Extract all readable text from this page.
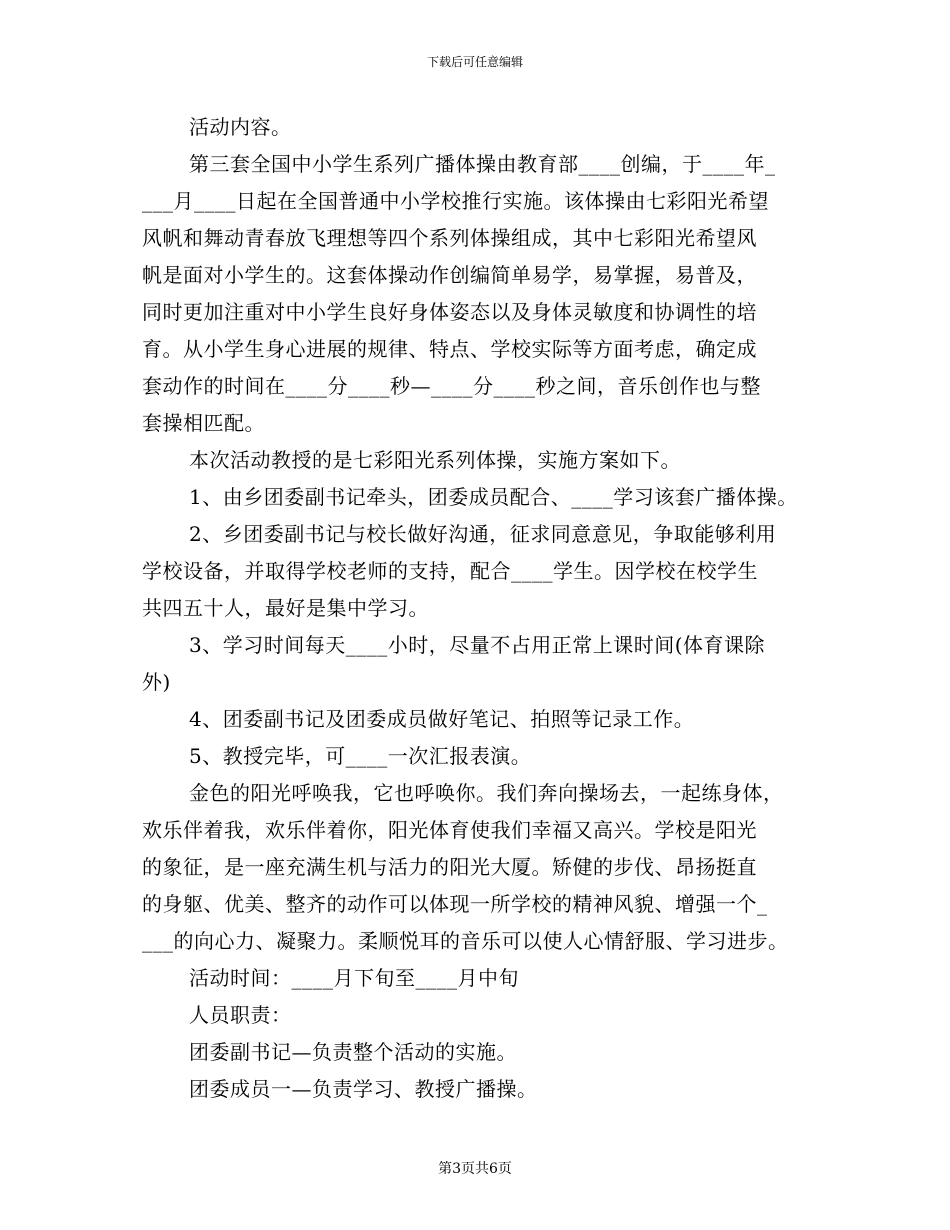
下载后可任意编辑
活动内容。
第三套全国中小学生系列广播体操由教育部____创编，于____年_
___月____日起在全国普通中小学校推行实施。该体操由七彩阳光希望
风帆和舞动青春放飞理想等四个系列体操组成，其中七彩阳光希望风
帆是面对小学生的。这套体操动作创编简单易学，易掌握，易普及，
同时更加注重对中小学生良好身体姿态以及身体灵敏度和协调性的培
育。从小学生身心进展的规律、特点、学校实际等方面考虑，确定成
套动作的时间在____分____秒—____分____秒之间，音乐创作也与整
套操相匹配。
本次活动教授的是七彩阳光系列体操，实施方案如下。
1、由乡团委副书记牵头，团委成员配合、____学习该套广播体操。
2、乡团委副书记与校长做好沟通，征求同意意见，争取能够利用
学校设备，并取得学校老师的支持，配合____学生。因学校在校学生
共四五十人，最好是集中学习。
3、学习时间每天____小时，尽量不占用正常上课时间(体育课除
外)
4、团委副书记及团委成员做好笔记、拍照等记录工作。
5、教授完毕，可____一次汇报表演。
金色的阳光呼唤我，它也呼唤你。我们奔向操场去，一起练身体，
欢乐伴着我，欢乐伴着你，阳光体育使我们幸福又高兴。学校是阳光
的象征，是一座充满生机与活力的阳光大厦。矫健的步伐、昂扬挺直
的身躯、优美、整齐的动作可以体现一所学校的精神风貌、增强一个_
___的向心力、凝聚力。柔顺悦耳的音乐可以使人心情舒服、学习进步。
活动时间：____月下旬至____月中旬
人员职责：
团委副书记—负责整个活动的实施。
团委成员一—负责学习、教授广播操。
第3页共6页
